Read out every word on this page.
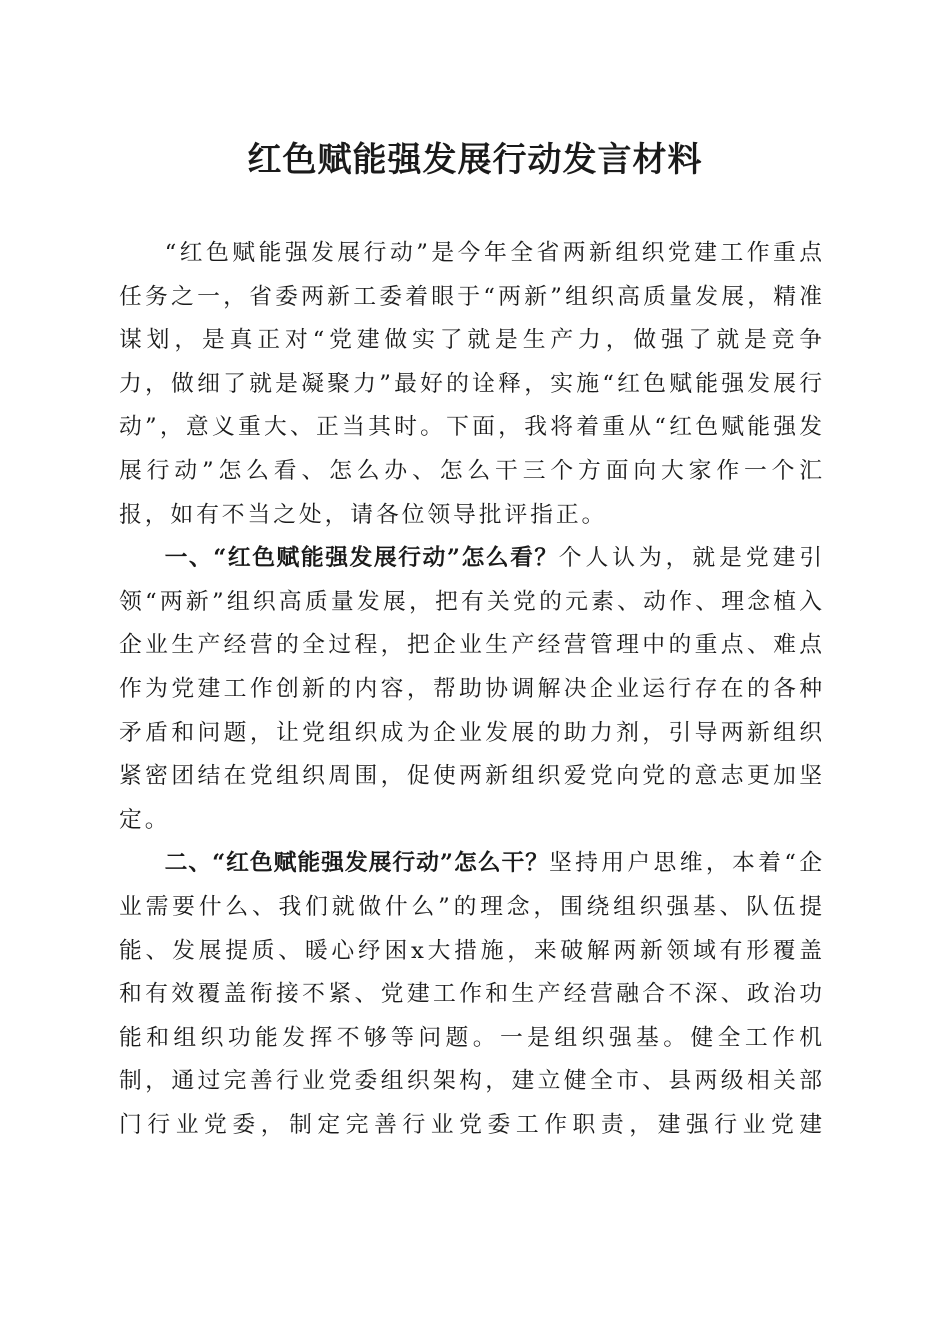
红色赋能强发展行动发言材料

“红色赋能强发展行动”是今年全省两新组织党建工作重点任务之一，省委两新工委着眼于“两新”组织高质量发展，精准谋划，是真正对“党建做实了就是生产力，做强了就是竞争力，做细了就是凝聚力”最好的诠释，实施“红色赋能强发展行动”，意义重大、正当其时。下面，我将着重从“红色赋能强发展行动”怎么看、怎么办、怎么干三个方面向大家作一个汇报，如有不当之处，请各位领导批评指正。

一、“红色赋能强发展行动”怎么看？个人认为，就是党建引领“两新”组织高质量发展，把有关党的元素、动作、理念植入企业生产经营的全过程，把企业生产经营管理中的重点、难点作为党建工作创新的内容，帮助协调解决企业运行存在的各种矛盾和问题，让党组织成为企业发展的助力剂，引导两新组织紧密团结在党组织周围，促使两新组织爱党向党的意志更加坚定。

二、“红色赋能强发展行动”怎么干？坚持用户思维，本着“企业需要什么、我们就做什么”的理念，围绕组织强基、队伍提能、发展提质、暖心纾困x大措施，来破解两新领域有形覆盖和有效覆盖衔接不紧、党建工作和生产经营融合不深、政治功能和组织功能发挥不够等问题。一是组织强基。健全工作机制，通过完善行业党委组织架构，建立健全市、县两级相关部门行业党委，制定完善行业党委工作职责，建强行业党建
